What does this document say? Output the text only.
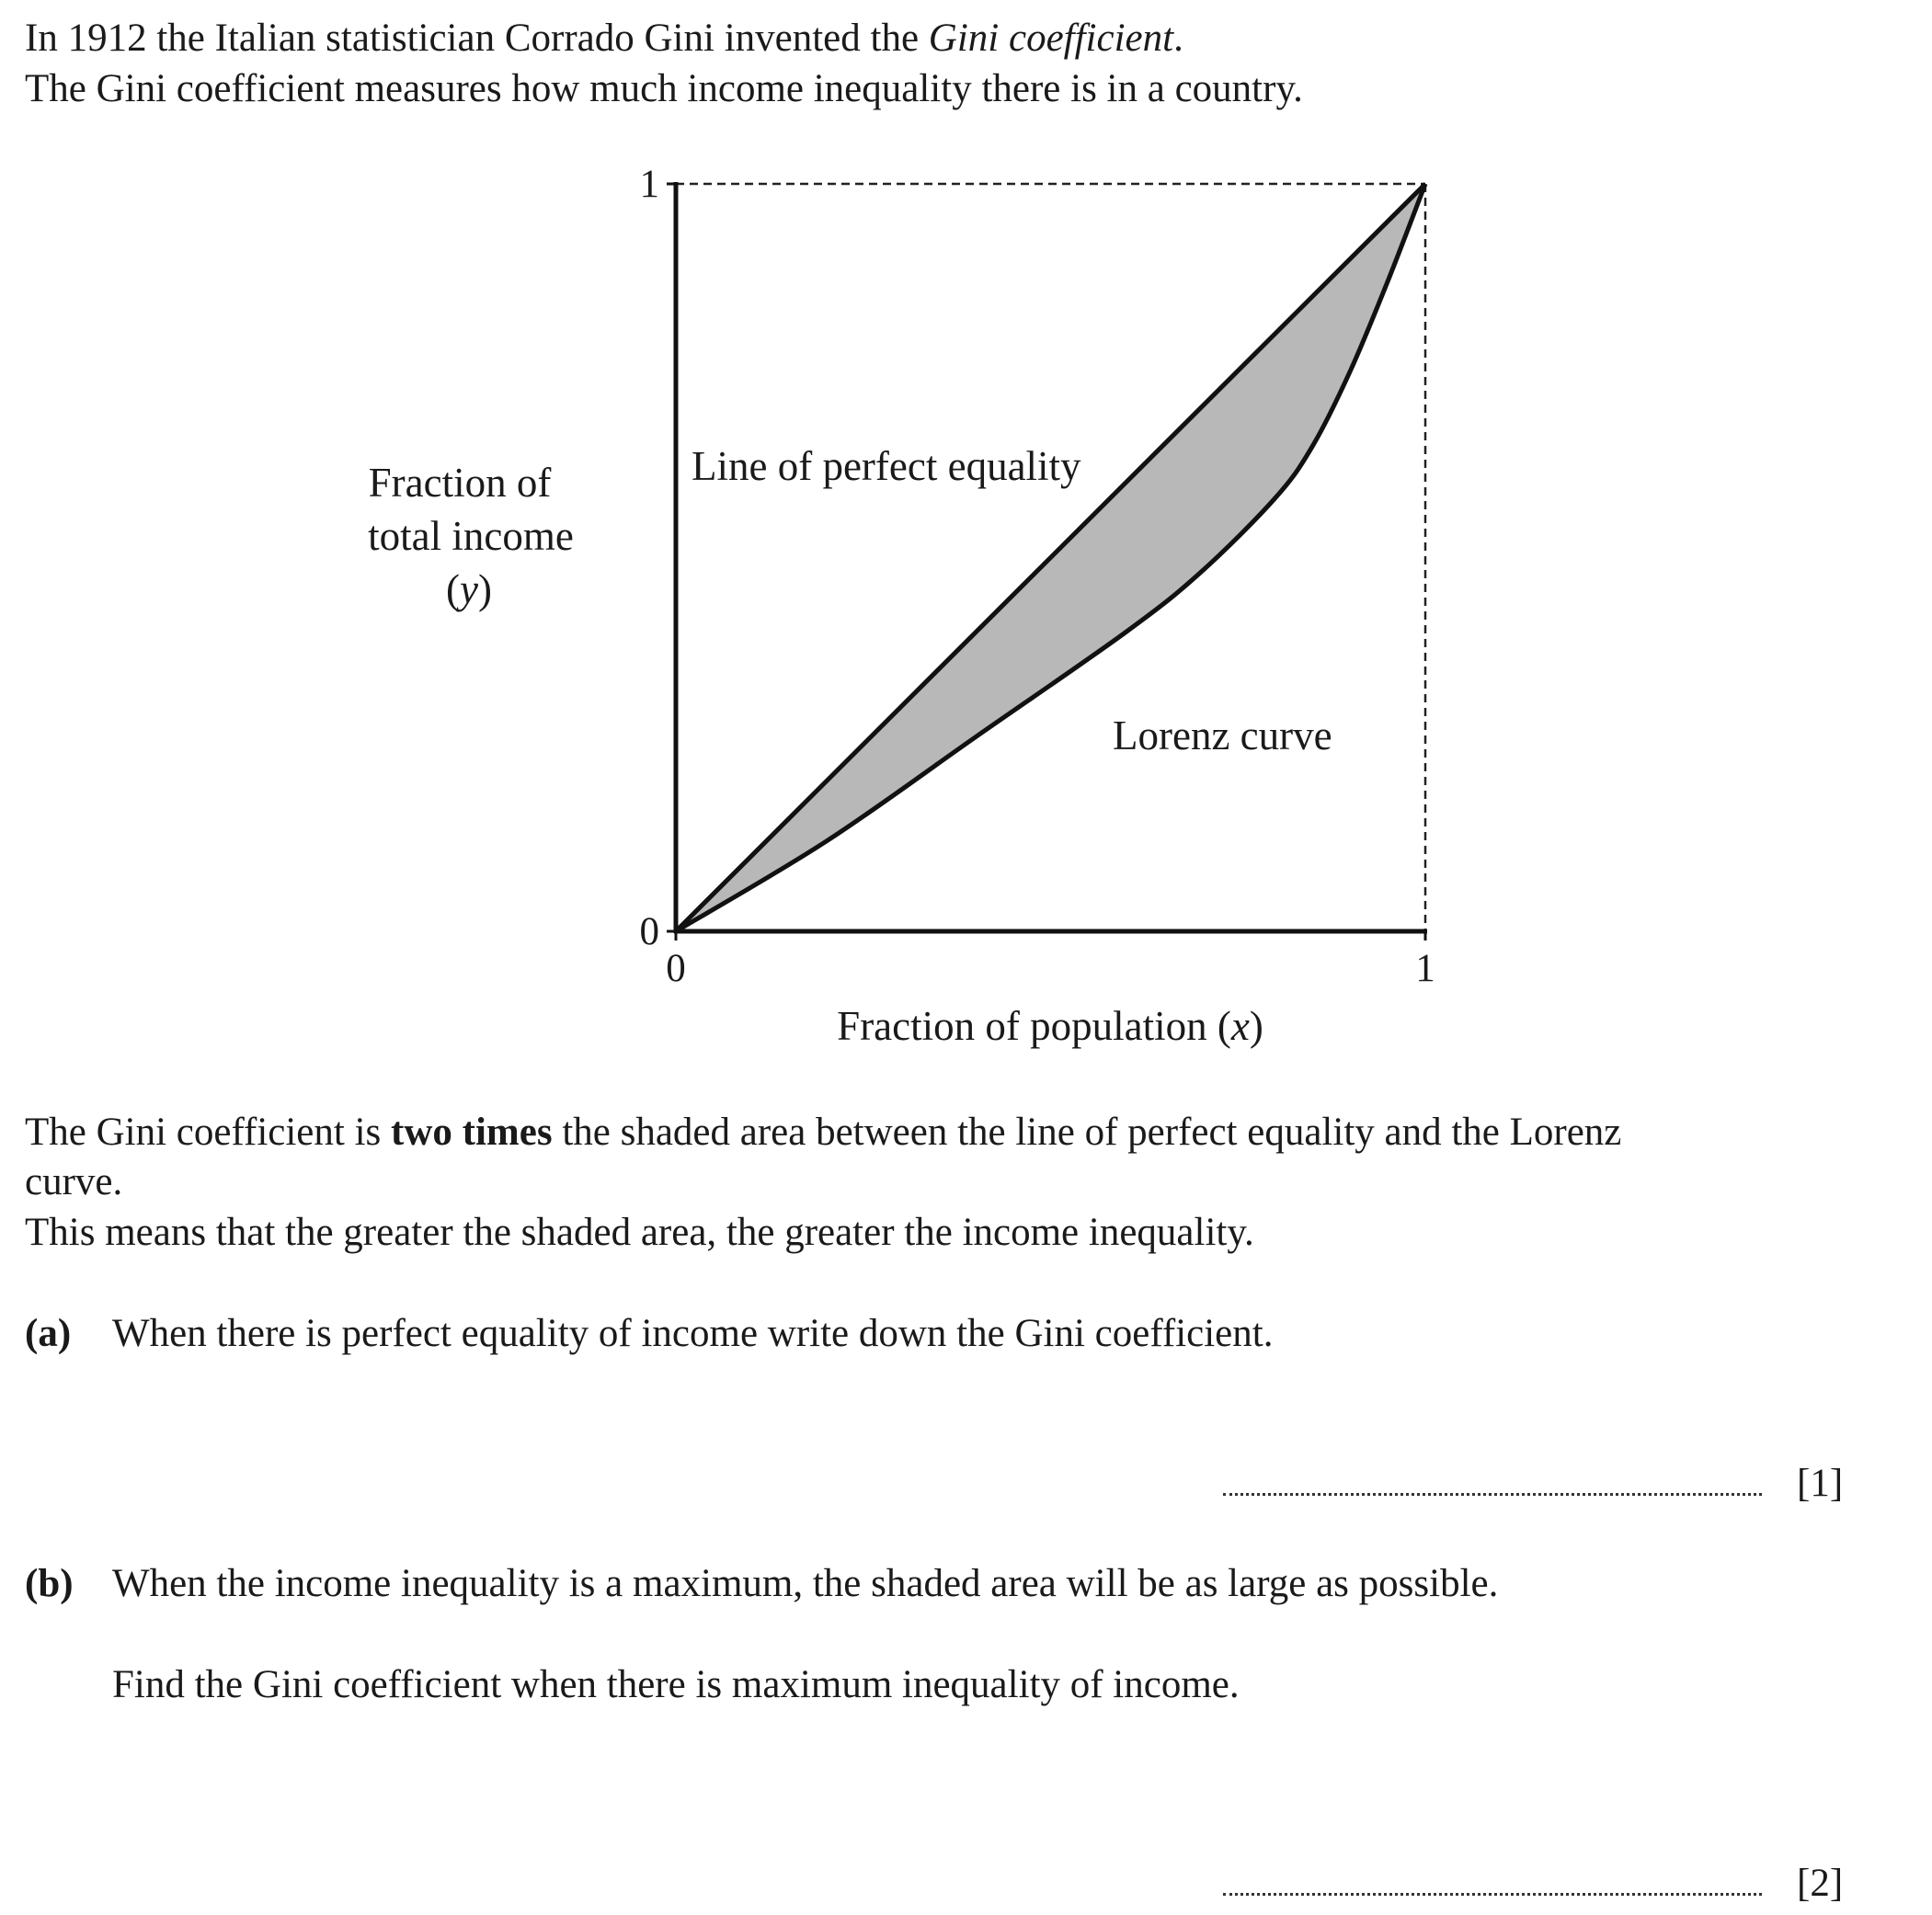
In 1912 the Italian statistician Corrado Gini invented the Gini coefficient.
The Gini coefficient measures how much income inequality there is in a country.
1
0
0	1
Line of perfect equality
Lorenz curve
Fraction of
total income
(y)
Fraction of population (x)
The Gini coefficient is two times the shaded area between the line of perfect equality and the Lorenz
curve.
This means that the greater the shaded area, the greater the income inequality.
(a) When there is perfect equality of income write down the Gini coefficient.
[1]
(b) When the income inequality is a maximum, the shaded area will be as large as possible.
Find the Gini coefficient when there is maximum inequality of income.
[2]
